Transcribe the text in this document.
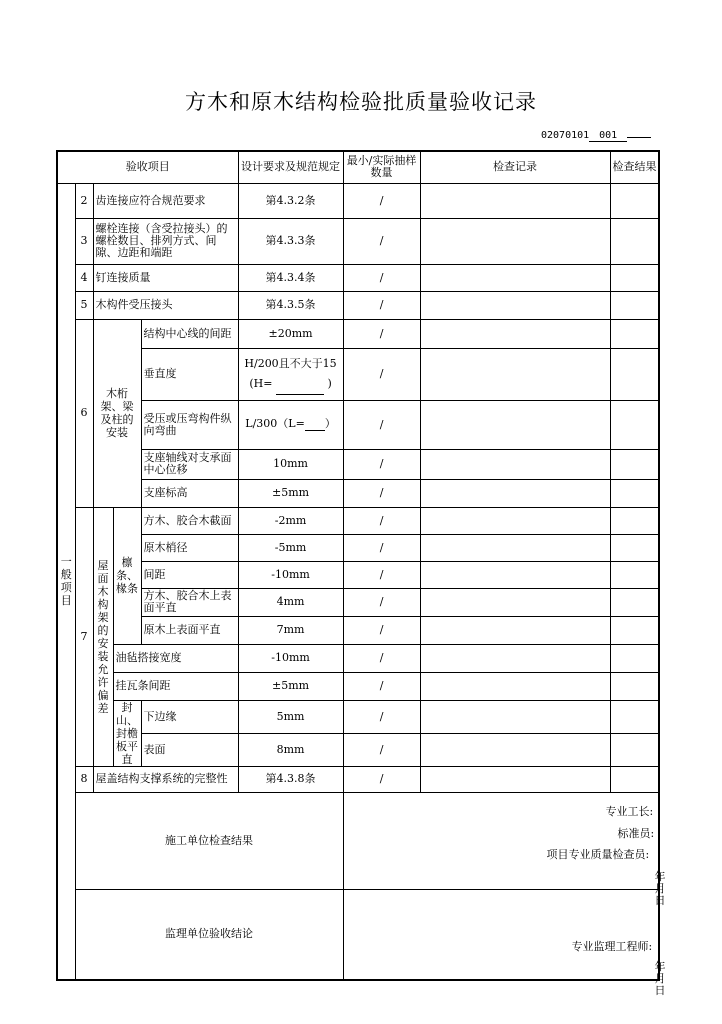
方木和原木结构检验批质量验收记录
02070101 001
验收项目					设计要求及规范规定	最小/实际抽样数量	检查记录	检查结果
一般项目	2	齿连接应符合规范要求			第4.3.2条	/		
	3	螺栓连接（含受拉接头）的螺栓数目、排列方式、间隙、边距和端距			第4.3.3条	/		
	4	钉连接质量			第4.3.4条	/		
	5	木构件受压接头			第4.3.5条	/		
	6	木桁架、梁及柱的安装		结构中心线的间距	±20mm	/		
				垂直度	H/200且不大于15
(H= )	/		
				受压或压弯构件纵向弯曲	L/300（L= ）	/		
				支座轴线对支承面中心位移	10mm	/		
				支座标高	±5mm	/		
	7	屋面木构架的安装允许偏差	檩条、椽条	方木、胶合木截面	-2mm	/		
				原木梢径	-5mm	/		
				间距	-10mm	/		
				方木、胶合木上表面平直	4mm	/		
				原木上表面平直	7mm	/		
			油毡搭接宽度		-10mm	/		
			挂瓦条间距		±5mm	/		
			封山、封檐板平直	下边缘	5mm	/		
				表面	8mm	/		
	8	屋盖结构支撑系统的完整性			第4.3.8条	/		
	施工单位检查结果					专业工长:
标准员:
项目专业质量检查员:
年　月　日		

	监理单位验收结论					专业监理工程师:
年　月　日		
